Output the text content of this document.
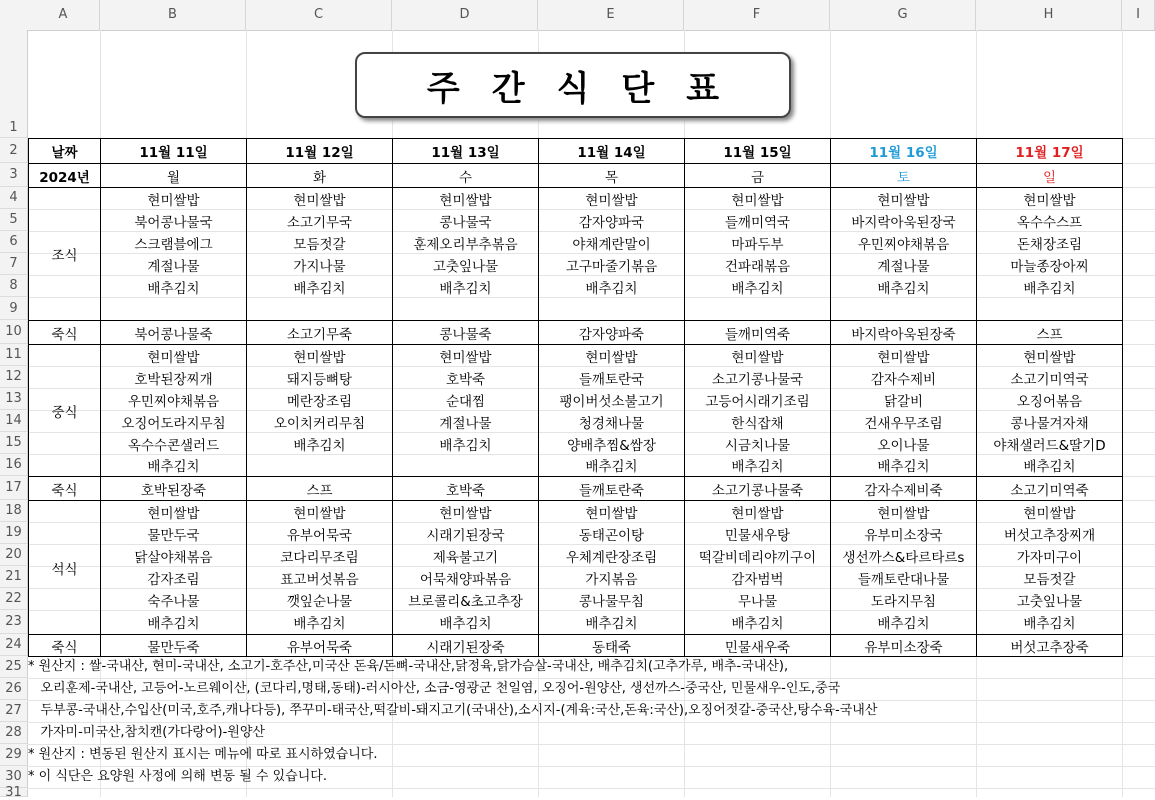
A	B	C	D	E	F	G	H	I
1
2
3
4
5
6
7
8
9
10
11
12
13
14
15
16
17
18
19
20
21
22
23
24
25
26
27
28
29
30
31
주간식단표
날짜	11월 11일	11월 12일	11월 13일	11월 14일	11월 15일	11월 16일	11월 17일
2024년	월	화	수	목	금	토	일
조식	현미쌀밥	현미쌀밥	현미쌀밥	현미쌀밥	현미쌀밥	현미쌀밥	현미쌀밥
	북어콩나물국	소고기무국	콩나물국	감자양파국	들깨미역국	바지락아욱된장국	옥수수스프
	스크램블에그	모듬젓갈	훈제오리부추볶음	야채계란말이	마파두부	우민찌야채볶음	돈채장조림
	계절나물	가지나물	고춧잎나물	고구마줄기볶음	건파래볶음	계절나물	마늘종장아찌
	배추김치	배추김치	배추김치	배추김치	배추김치	배추김치	배추김치

죽식	북어콩나물죽	소고기무죽	콩나물죽	감자양파죽	들깨미역죽	바지락아욱된장죽	스프
중식	현미쌀밥	현미쌀밥	현미쌀밥	현미쌀밥	현미쌀밥	현미쌀밥	현미쌀밥
	호박된장찌개	돼지등뼈탕	호박죽	들깨토란국	소고기콩나물국	감자수제비	소고기미역국
	우민찌야채볶음	메란장조림	순대찜	팽이버섯소불고기	고등어시래기조림	닭갈비	오징어볶음
	오징어도라지무침	오이치커리무침	계절나물	청경채나물	한식잡채	건새우무조림	콩나물겨자채
	옥수수콘샐러드	배추김치	배추김치	양배추찜&쌈장	시금치나물	오이나물	야채샐러드&딸기D
	배추김치			배추김치	배추김치	배추김치	배추김치
죽식	호박된장죽	스프	호박죽	들깨토란죽	소고기콩나물죽	감자수제비죽	소고기미역죽
석식	현미쌀밥	현미쌀밥	현미쌀밥	현미쌀밥	현미쌀밥	현미쌀밥	현미쌀밥
	물만두국	유부어묵국	시래기된장국	동태곤이탕	민물새우탕	유부미소장국	버섯고추장찌개
	닭살야채볶음	코다리무조림	제육불고기	우체계란장조림	떡갈비데리야끼구이	생선까스&타르타르s	가자미구이
	감자조림	표고버섯볶음	어묵채양파볶음	가지볶음	감자범벅	들깨토란대나물	모듬젓갈
	숙주나물	깻잎순나물	브로콜리&초고추장	콩나물무침	무나물	도라지무침	고춧잎나물
	배추김치	배추김치	배추김치	배추김치	배추김치	배추김치	배추김치
죽식	물만두죽	유부어묵죽	시래기된장죽	동태죽	민물새우죽	유부미소장죽	버섯고추장죽
* 원산지 : 쌀-국내산, 현미-국내산, 소고기-호주산,미국산 돈육/돈뼈-국내산,닭정육,닭가슴살-국내산, 배추김치(고추가루, 배추-국내산),
오리훈제-국내산, 고등어-노르웨이산, (코다리,명태,동태)-러시아산, 소금-영광군 천일염, 오징어-원양산, 생선까스-중국산, 민물새우-인도,중국
두부콩-국내산,수입산(미국,호주,캐나다등), 쭈꾸미-태국산,떡갈비-돼지고기(국내산),소시지-(계육:국산,돈육:국산),오징어젓갈-중국산,탕수육-국내산
가자미-미국산,참치캔(가다랑어)-원양산
* 원산지 : 변동된 원산지 표시는 메뉴에 따로 표시하였습니다.
* 이 식단은 요양원 사정에 의해 변동 될 수 있습니다.
